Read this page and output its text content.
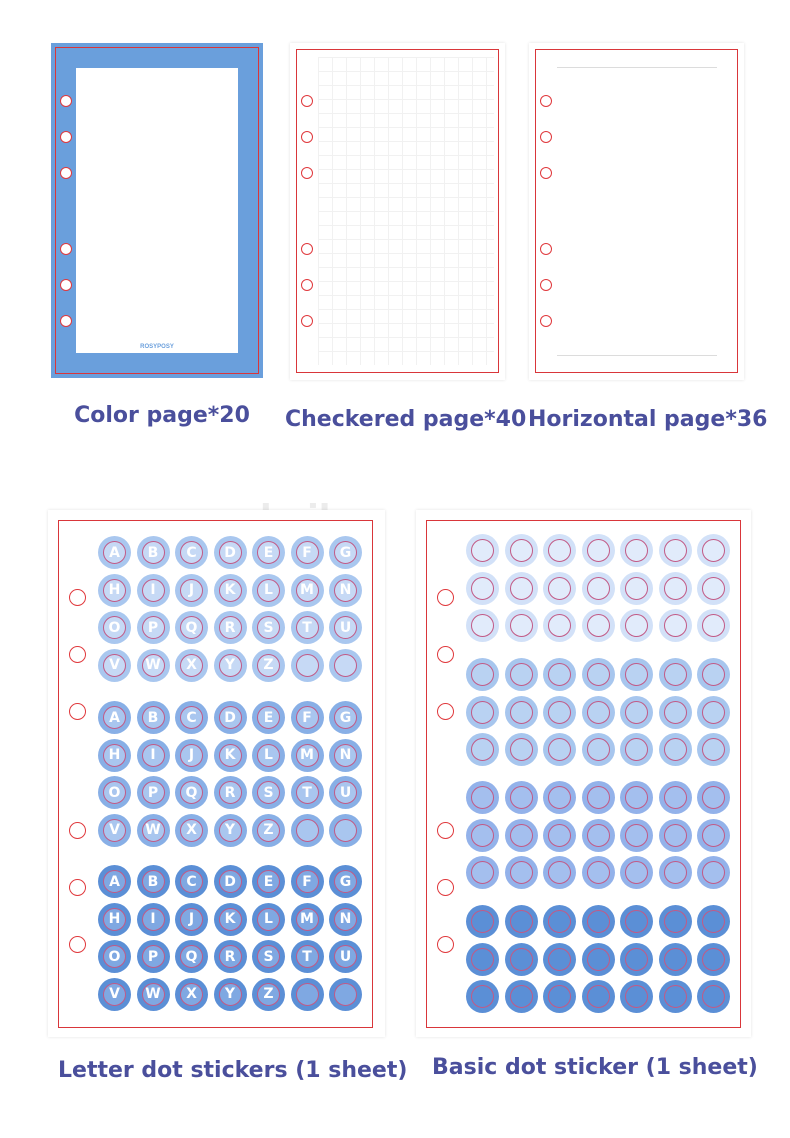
ROSYPOSY
Color page*20	Checkered page*40 Horizontal page*36
A	B	C	D	E	F	G
H	I	J	K	L	M	N
O	P	Q	R	S	T	U
V	W	X	Y	Z
A	B	C	D	E	F	G
H	I	J	K	L	M	N
O	P	Q	R	S	T	U
V	W	X	Y	Z
A	B	C	D	E	F	G
H	I	J	K	L	M	N
O	P	Q	R	S	T	U
V	W	X	Y	Z
Letter dot stickers (1 sheet) Basic dot sticker (1 sheet)
